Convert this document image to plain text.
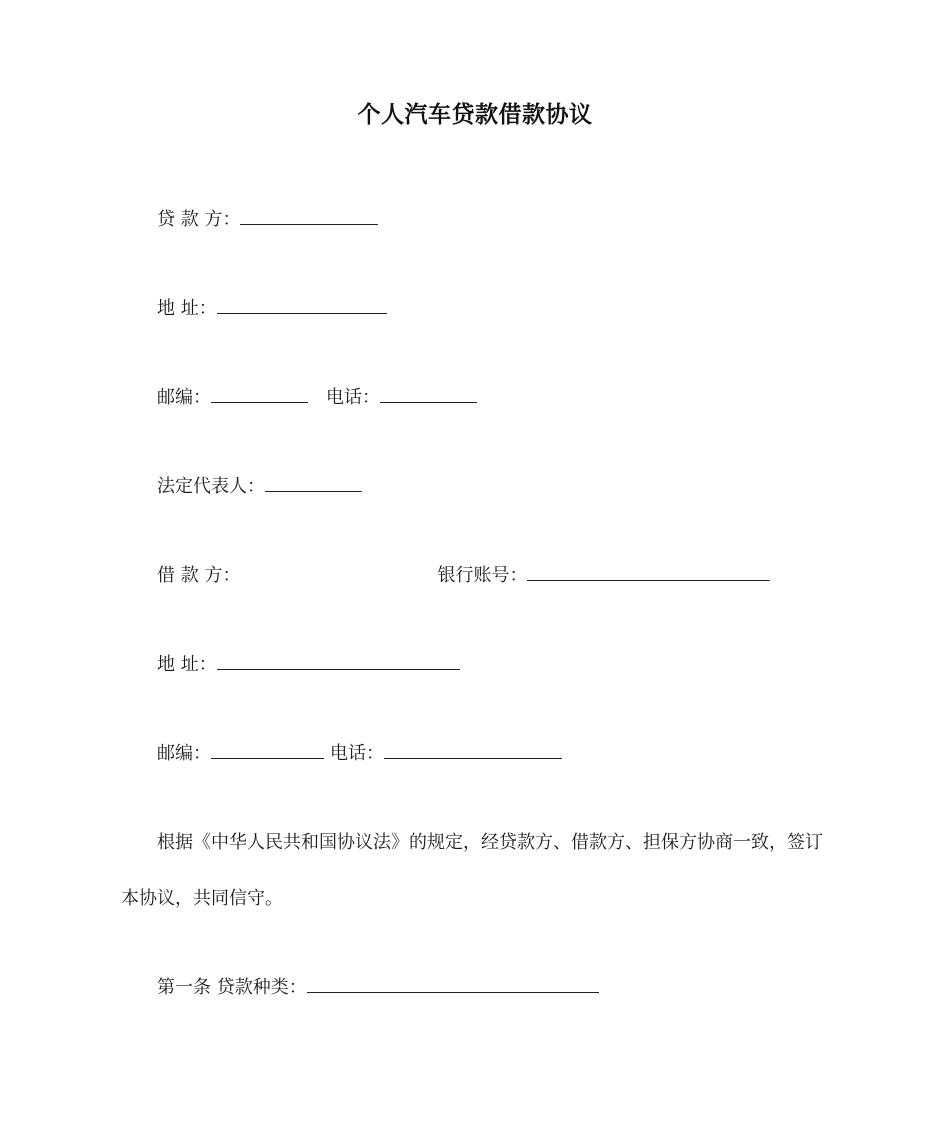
个人汽车贷款借款协议
贷 款 方：
地 址：
邮编：	电话：
法定代表人：
借 款 方：	银行账号：
地 址：
邮编：	电话：
根据《中华人民共和国协议法》的规定，经贷款方、借款方、担保方协商一致，签订
本协议，共同信守。
第一条 贷款种类：
